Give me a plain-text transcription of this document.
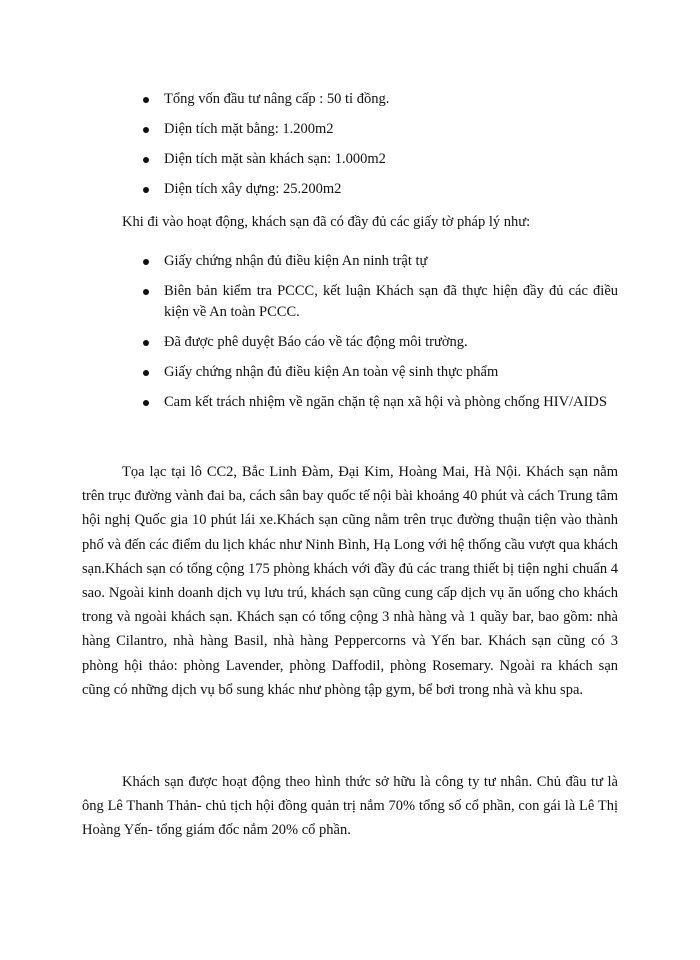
Tổng vốn đầu tư nâng cấp : 50 tỉ đồng.
Diện tích mặt bằng: 1.200m2
Diện tích mặt sàn khách sạn: 1.000m2
Diện tích xây dựng: 25.200m2
Khi đi vào hoạt động, khách sạn đã có đầy đủ các giấy tờ pháp lý như:
Giấy chứng nhận đủ điều kiện An ninh trật tự
Biên bản kiểm tra PCCC, kết luận Khách sạn đã thực hiện đầy đủ các điều kiện về An toàn PCCC.
Đã được phê duyệt Báo cáo về tác động môi trường.
Giấy chứng nhận đủ điều kiện An toàn vệ sinh thực phẩm
Cam kết trách nhiệm về ngăn chặn tệ nạn xã hội và phòng chống HIV/AIDS

Tọa lạc tại lô CC2, Bắc Linh Đàm, Đại Kim, Hoàng Mai, Hà Nội. Khách sạn nằm trên trục đường vành đai ba, cách sân bay quốc tế nội bài khoảng 40 phút và cách Trung tâm hội nghị Quốc gia 10 phút lái xe.Khách sạn cũng nằm trên trục đường thuận tiện vào thành phố và đến các điểm du lịch khác như Ninh Bình, Hạ Long với hệ thống cầu vượt qua khách sạn.Khách sạn có tổng cộng 175 phòng khách với đầy đủ các trang thiết bị tiện nghi chuẩn 4 sao. Ngoài kinh doanh dịch vụ lưu trú, khách sạn cũng cung cấp dịch vụ ăn uống cho khách trong và ngoài khách sạn. Khách sạn có tổng cộng 3 nhà hàng và 1 quầy bar, bao gồm: nhà hàng Cilantro, nhà hàng Basil, nhà hàng Peppercorns và Yến bar. Khách sạn cũng có 3 phòng hội thảo: phòng Lavender, phòng Daffodil, phòng Rosemary. Ngoài ra khách sạn cũng có những dịch vụ bổ sung khác như phòng tập gym, bể bơi trong nhà và khu spa.

Khách sạn được hoạt động theo hình thức sở hữu là công ty tư nhân. Chủ đầu tư là ông Lê Thanh Thản- chủ tịch hội đồng quản trị nắm 70% tổng số cổ phần, con gái là Lê Thị Hoàng Yến- tổng giám đốc nắm 20% cổ phần.
